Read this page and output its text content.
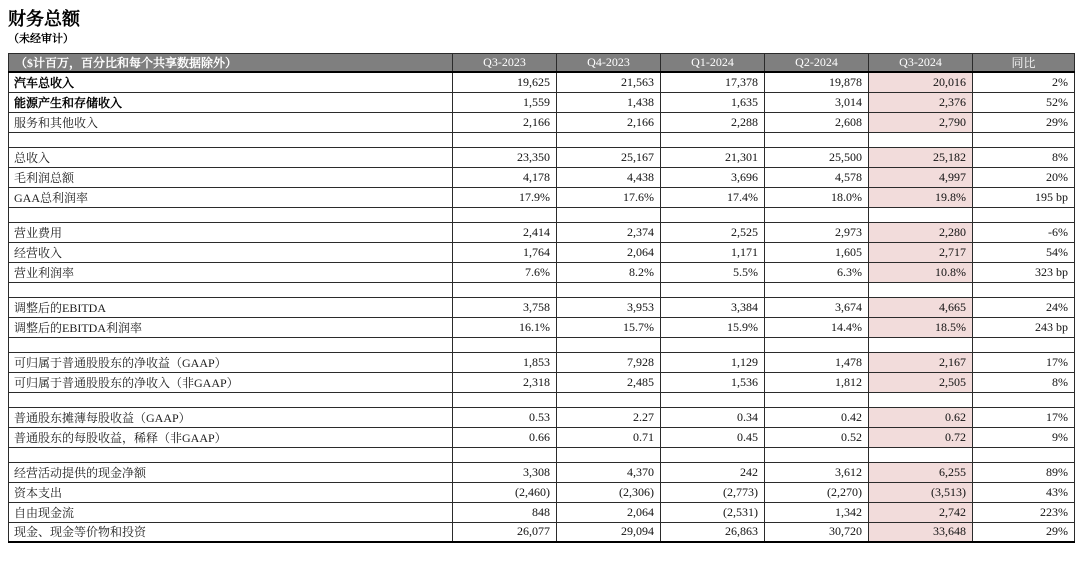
财务总额
（未经审计）
（$计百万，百分比和每个共享数据除外）	Q3-2023	Q4-2023	Q1-2024	Q2-2024	Q3-2024	同比
汽车总收入	19,625	21,563	17,378	19,878	20,016	2%
能源产生和存储收入	1,559	1,438	1,635	3,014	2,376	52%
服务和其他收入	2,166	2,166	2,288	2,608	2,790	29%

总收入	23,350	25,167	21,301	25,500	25,182	8%
毛利润总额	4,178	4,438	3,696	4,578	4,997	20%
GAA总利润率	17.9%	17.6%	17.4%	18.0%	19.8%	195 bp

营业费用	2,414	2,374	2,525	2,973	2,280	-6%
经营收入	1,764	2,064	1,171	1,605	2,717	54%
营业利润率	7.6%	8.2%	5.5%	6.3%	10.8%	323 bp

调整后的EBITDA	3,758	3,953	3,384	3,674	4,665	24%
调整后的EBITDA利润率	16.1%	15.7%	15.9%	14.4%	18.5%	243 bp

可归属于普通股股东的净收益（GAAP）	1,853	7,928	1,129	1,478	2,167	17%
可归属于普通股股东的净收入（非GAAP）	2,318	2,485	1,536	1,812	2,505	8%

普通股东摊薄每股收益（GAAP）	0.53	2.27	0.34	0.42	0.62	17%
普通股东的每股收益，稀释（非GAAP）	0.66	0.71	0.45	0.52	0.72	9%

经营活动提供的现金净额	3,308	4,370	242	3,612	6,255	89%
资本支出	(2,460)	(2,306)	(2,773)	(2,270)	(3,513)	43%
自由现金流	848	2,064	(2,531)	1,342	2,742	223%
现金、现金等价物和投资	26,077	29,094	26,863	30,720	33,648	29%
